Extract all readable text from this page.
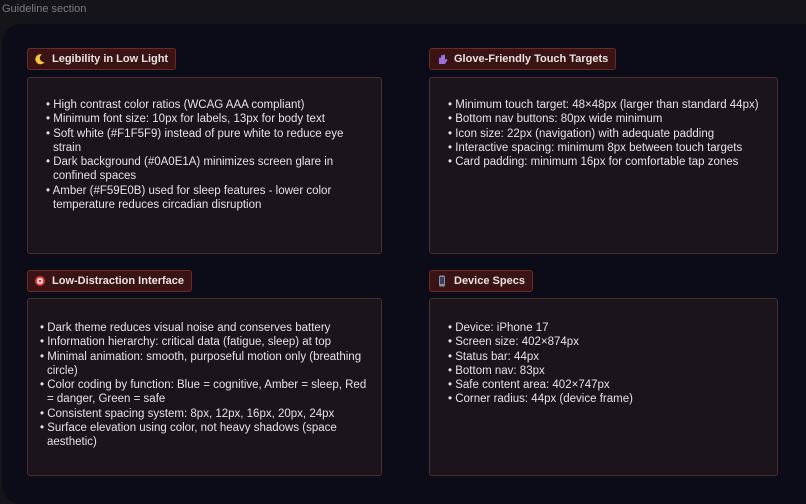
Guideline section
Legibility in Low Light
• High contrast color ratios (WCAG AAA compliant)
• Minimum font size: 10px for labels, 13px for body text
• Soft white (#F1F5F9) instead of pure white to reduce eye strain
• Dark background (#0A0E1A) minimizes screen glare in confined spaces
• Amber (#F59E0B) used for sleep features - lower color temperature reduces circadian disruption
Glove-Friendly Touch Targets
• Minimum touch target: 48×48px (larger than standard 44px)
• Bottom nav buttons: 80px wide minimum
• Icon size: 22px (navigation) with adequate padding
• Interactive spacing: minimum 8px between touch targets
• Card padding: minimum 16px for comfortable tap zones
Low-Distraction Interface
• Dark theme reduces visual noise and conserves battery
• Information hierarchy: critical data (fatigue, sleep) at top
• Minimal animation: smooth, purposeful motion only (breathing circle)
• Color coding by function: Blue = cognitive, Amber = sleep, Red = danger, Green = safe
• Consistent spacing system: 8px, 12px, 16px, 20px, 24px
• Surface elevation using color, not heavy shadows (space aesthetic)
Device Specs
• Device: iPhone 17
• Screen size: 402×874px
• Status bar: 44px
• Bottom nav: 83px
• Safe content area: 402×747px
• Corner radius: 44px (device frame)
